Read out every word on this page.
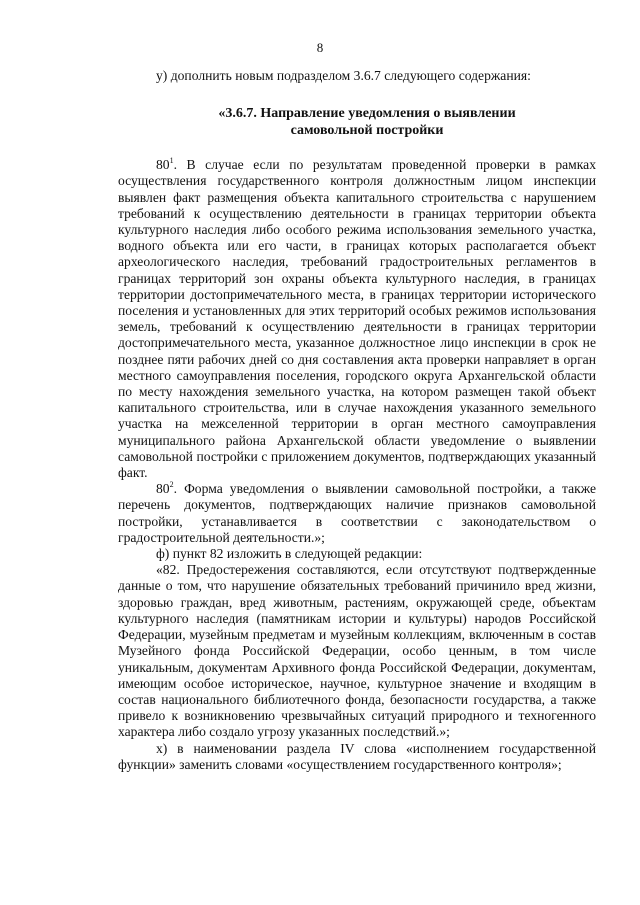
8

у) дополнить новым подразделом 3.6.7 следующего содержания:

«3.6.7. Направление уведомления о выявлении
самовольной постройки

$80^1$. В случае если по результатам проведенной проверки в рамках осуществления государственного контроля должностным лицом инспекции выявлен факт размещения объекта капитального строительства с нарушением требований к осуществлению деятельности в границах территории объекта культурного наследия либо особого режима использования земельного участка, водного объекта или его части, в границах которых располагается объект археологического наследия, требований градостроительных регламентов в границах территорий зон охраны объекта культурного наследия, в границах территории достопримечательного места, в границах территории исторического поселения и установленных для этих территорий особых режимов использования земель, требований к осуществлению деятельности в границах территории достопримечательного места, указанное должностное лицо инспекции в срок не позднее пяти рабочих дней со дня составления акта проверки направляет в орган местного самоуправления поселения, городского округа Архангельской области по месту нахождения земельного участка, на котором размещен такой объект капитального строительства, или в случае нахождения указанного земельного участка на межселенной территории в орган местного самоуправления муниципального района Архангельской области уведомление о выявлении самовольной постройки с приложением документов, подтверждающих указанный факт.

$80^2$. Форма уведомления о выявлении самовольной постройки, а также перечень документов, подтверждающих наличие признаков самовольной постройки, устанавливается в соответствии с законодательством о градостроительной деятельности.»;

ф) пункт 82 изложить в следующей редакции:

«82. Предостережения составляются, если отсутствуют подтвержденные данные о том, что нарушение обязательных требований причинило вред жизни, здоровью граждан, вред животным, растениям, окружающей среде, объектам культурного наследия (памятникам истории и культуры) народов Российской Федерации, музейным предметам и музейным коллекциям, включенным в состав Музейного фонда Российской Федерации, особо ценным, в том числе уникальным, документам Архивного фонда Российской Федерации, документам, имеющим особое историческое, научное, культурное значение и входящим в состав национального библиотечного фонда, безопасности государства, а также привело к возникновению чрезвычайных ситуаций природного и техногенного характера либо создало угрозу указанных последствий.»;

х) в наименовании раздела IV слова «исполнением государственной функции» заменить словами «осуществлением государственного контроля»;
